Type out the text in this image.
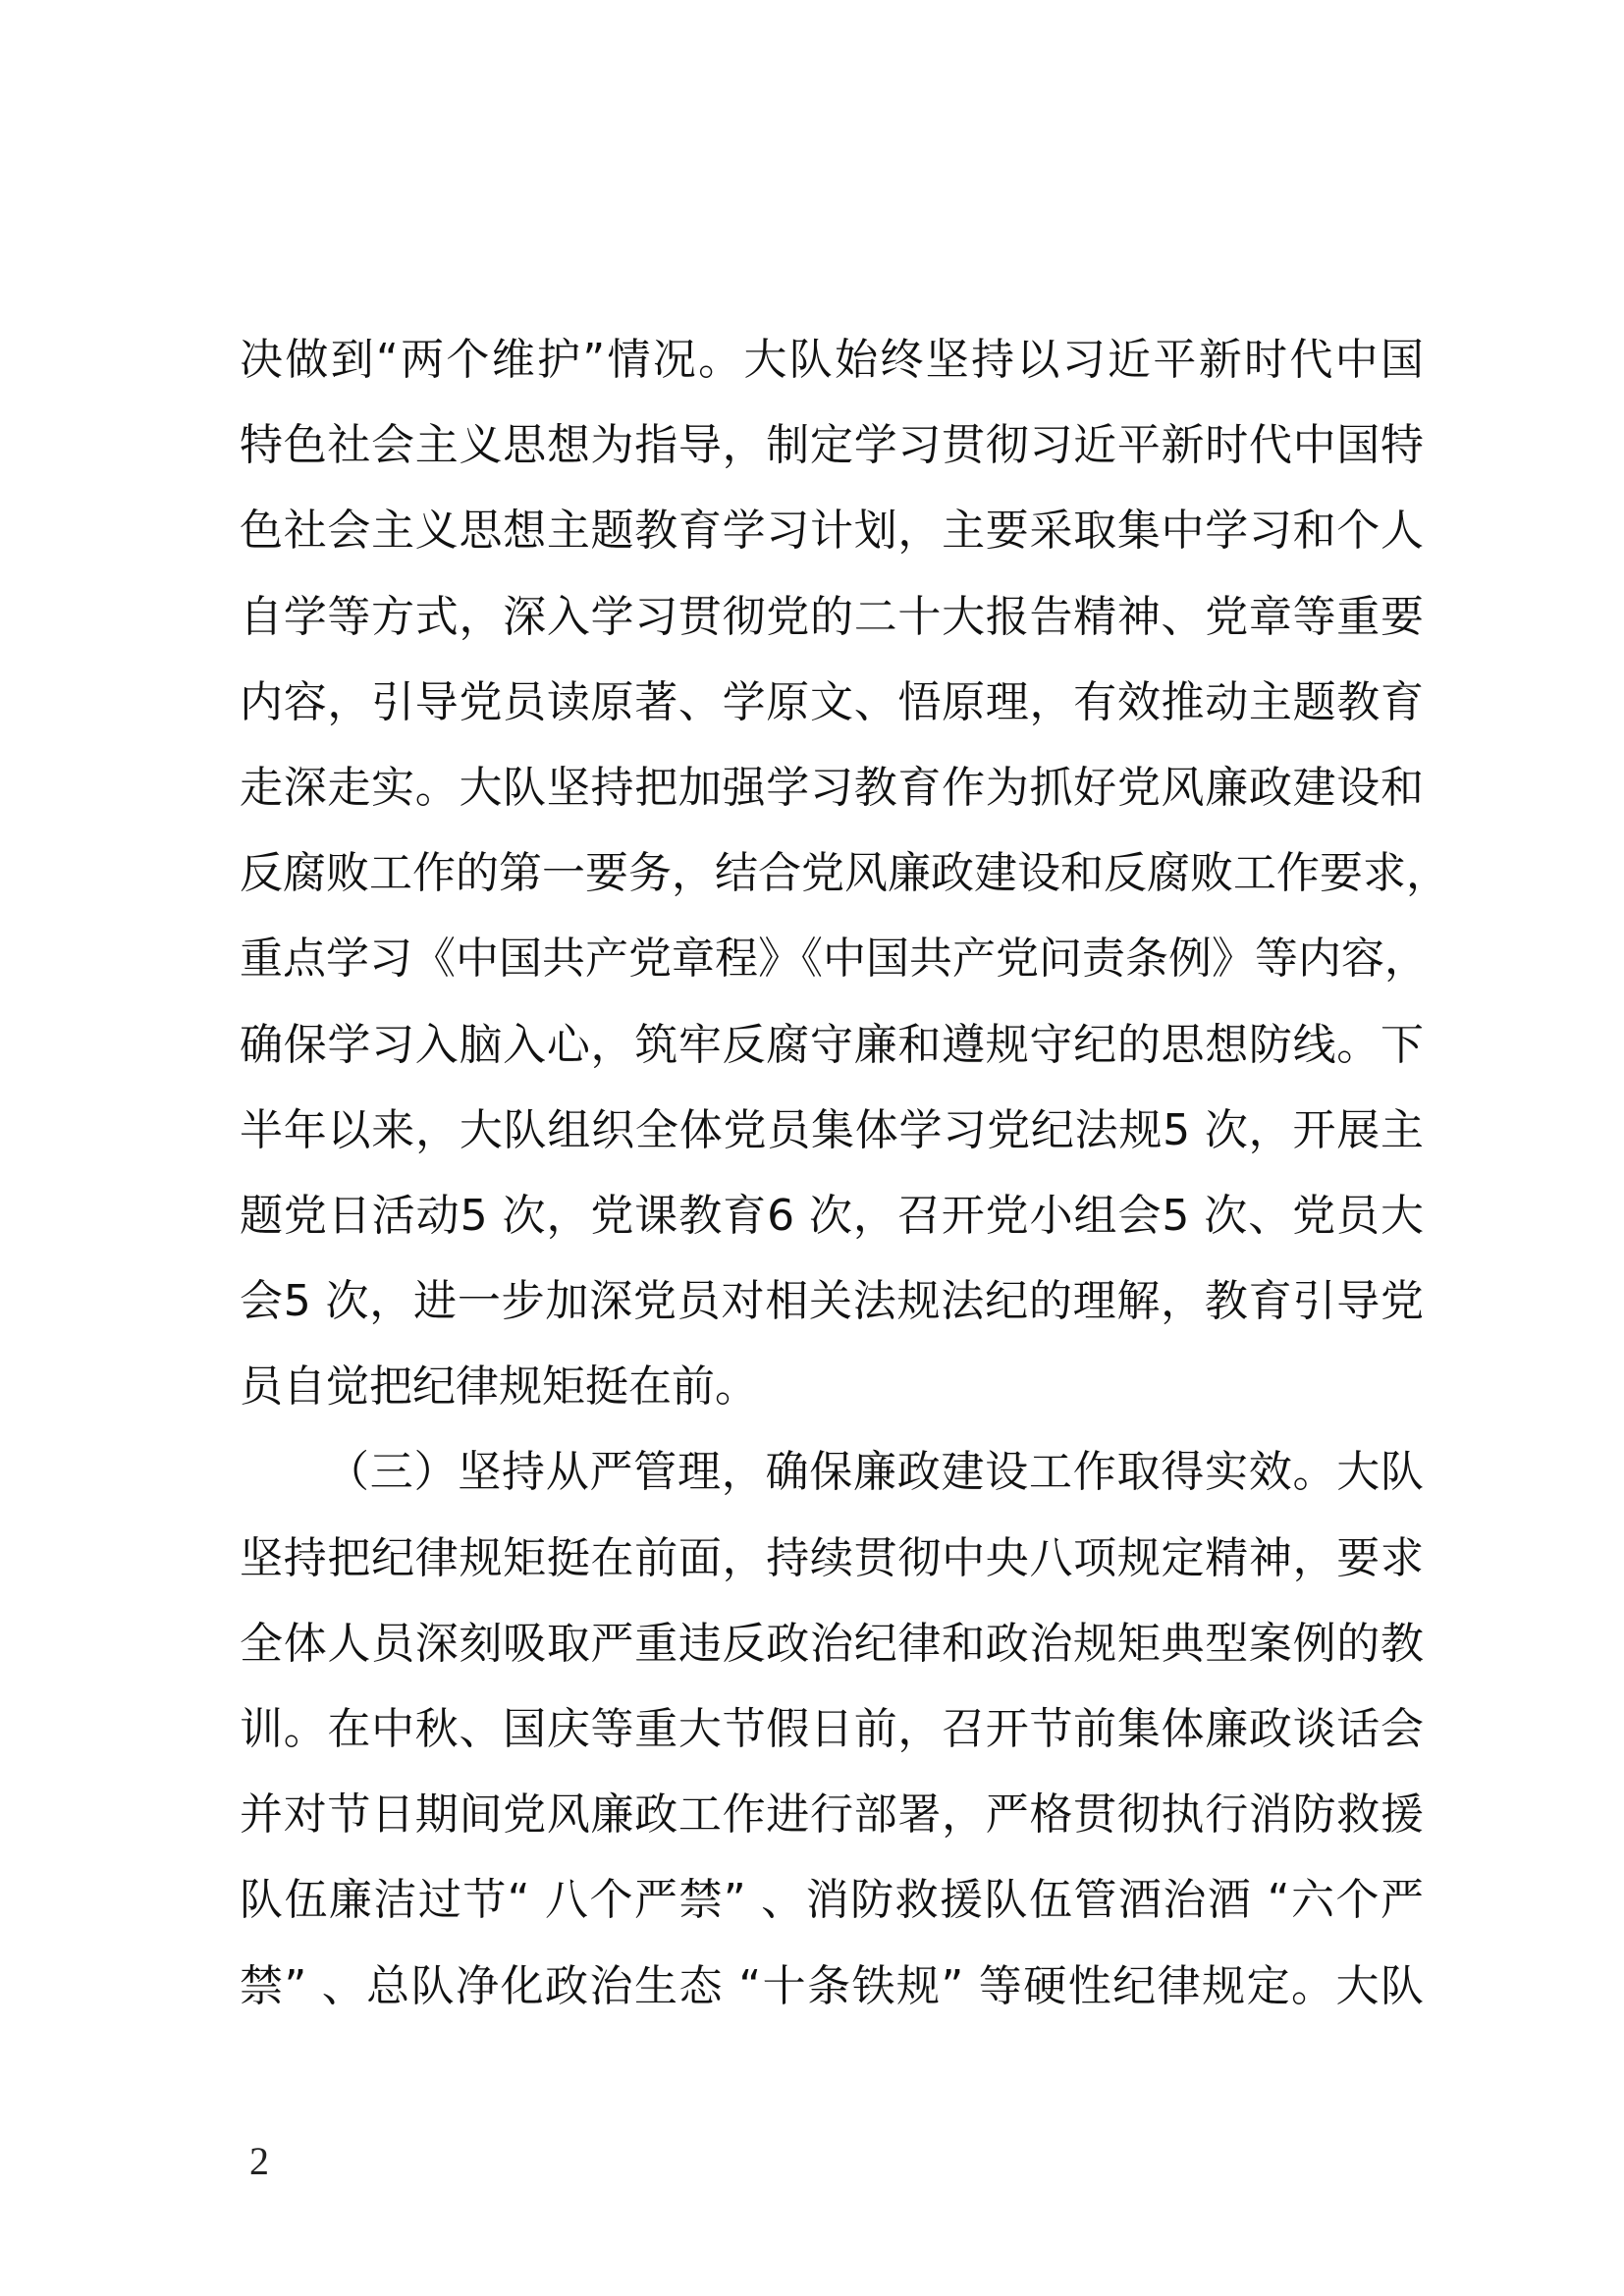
决做到“两个维护”情况。大队始终坚持以习近平新时代中国
特色社会主义思想为指导，制定学习贯彻习近平新时代中国特
色社会主义思想主题教育学习计划，主要采取集中学习和个人
自学等方式，深入学习贯彻党的二十大报告精神、党章等重要
内容，引导党员读原著、学原文、悟原理，有效推动主题教育
走深走实。大队坚持把加强学习教育作为抓好党风廉政建设和
反腐败工作的第一要务，结合党风廉政建设和反腐败工作要求，
重点学习《中国共产党章程》《中国共产党问责条例》等内容，
确保学习入脑入心，筑牢反腐守廉和遵规守纪的思想防线。下
半年以来，大队组织全体党员集体学习党纪法规5 次，开展主
题党日活动5 次，党课教育6 次，召开党小组会5 次、党员大
会5 次，进一步加深党员对相关法规法纪的理解，教育引导党
员自觉把纪律规矩挺在前。
（三）坚持从严管理，确保廉政建设工作取得实效。大队
坚持把纪律规矩挺在前面，持续贯彻中央八项规定精神，要求
全体人员深刻吸取严重违反政治纪律和政治规矩典型案例的教
训。在中秋、国庆等重大节假日前，召开节前集体廉政谈话会
并对节日期间党风廉政工作进行部署，严格贯彻执行消防救援
队伍廉洁过节“ 八个严禁” 、消防救援队伍管酒治酒 “六个严
禁” 、总队净化政治生态 “十条铁规” 等硬性纪律规定。大队
2
